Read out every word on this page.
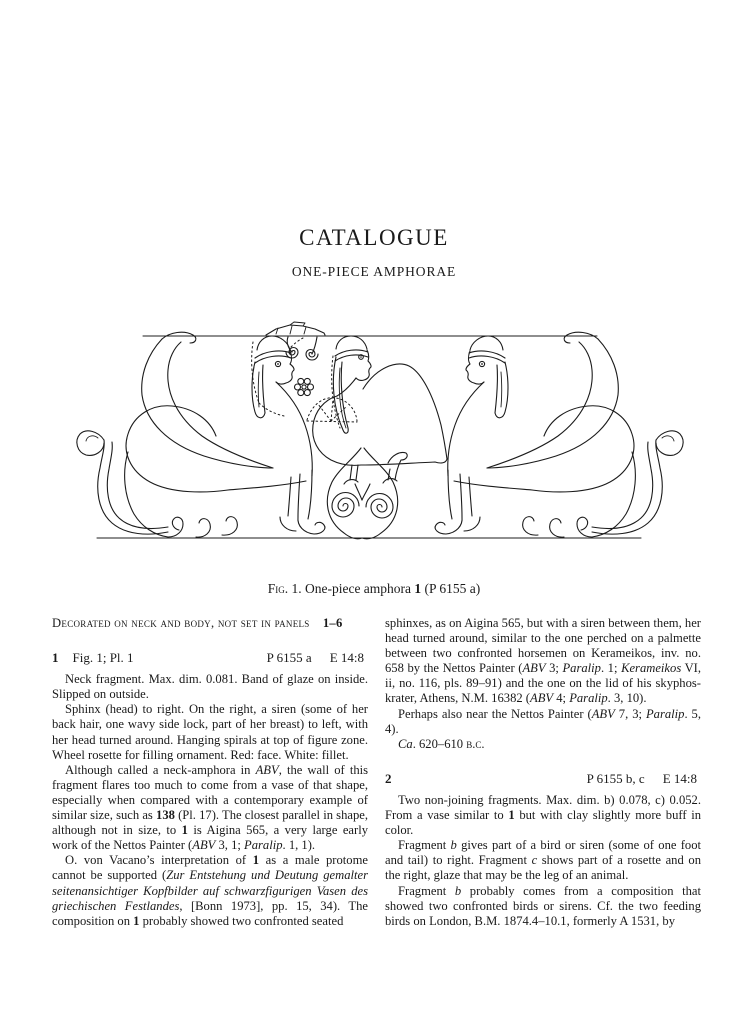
CATALOGUE
ONE-PIECE AMPHORAE
Fig. 1. One-piece amphora 1 (P 6155 a)
Decorated on neck and body, not set in panels
   1–6
1 Fig. 1; Pl. 1	P 6155 a E 14:8

Neck fragment. Max. dim. 0.081. Band of glaze on inside. Slipped on outside.

Sphinx (head) to right. On the right, a siren (some of her back hair, one wavy side lock, part of her breast) to left, with her head turned around. Hanging spirals at top of figure zone. Wheel rosette for filling ornament. Red: face. White: fillet.

Although called a neck-amphora in ABV, the wall of this fragment flares too much to come from a vase of that shape, especially when compared with a contemporary example of similar size, such as 138 (Pl. 17). The closest parallel in shape, although not in size, to 1 is Aigina 565, a very large early work of the Nettos Painter (ABV 3, 1; Paralip. 1, 1).

O. von Vacano’s interpretation of 1 as a male protome cannot be supported (Zur Entstehung und Deutung gemalter seitenansichtiger Kopfbilder auf schwarzfigurigen Vasen des griechischen Festlandes, [Bonn 1973], pp. 15, 34). The composition on 1 probably showed two confronted seated

sphinxes, as on Aigina 565, but with a siren between them, her head turned around, similar to the one perched on a palmette between two confronted horsemen on Kerameikos, inv. no. 658 by the Nettos Painter (ABV 3; Paralip. 1; Kerameikos VI, ii, no. 116, pls. 89–91) and the one on the lid of his skyphos-krater, Athens, N.M. 16382 (ABV 4; Paralip. 3, 10).

Perhaps also near the Nettos Painter (ABV 7, 3; Paralip. 5, 4).

Ca. 620–610 b.c.

2	P 6155 b, c E 14:8

Two non-joining fragments. Max. dim. b) 0.078, c) 0.052. From a vase similar to 1 but with clay slightly more buff in color.

Fragment b gives part of a bird or siren (some of one foot and tail) to right. Fragment c shows part of a rosette and on the right, glaze that may be the leg of an animal.

Fragment b probably comes from a composition that showed two confronted birds or sirens. Cf. the two feeding birds on London, B.M. 1874.4–10.1, formerly A 1531, by
